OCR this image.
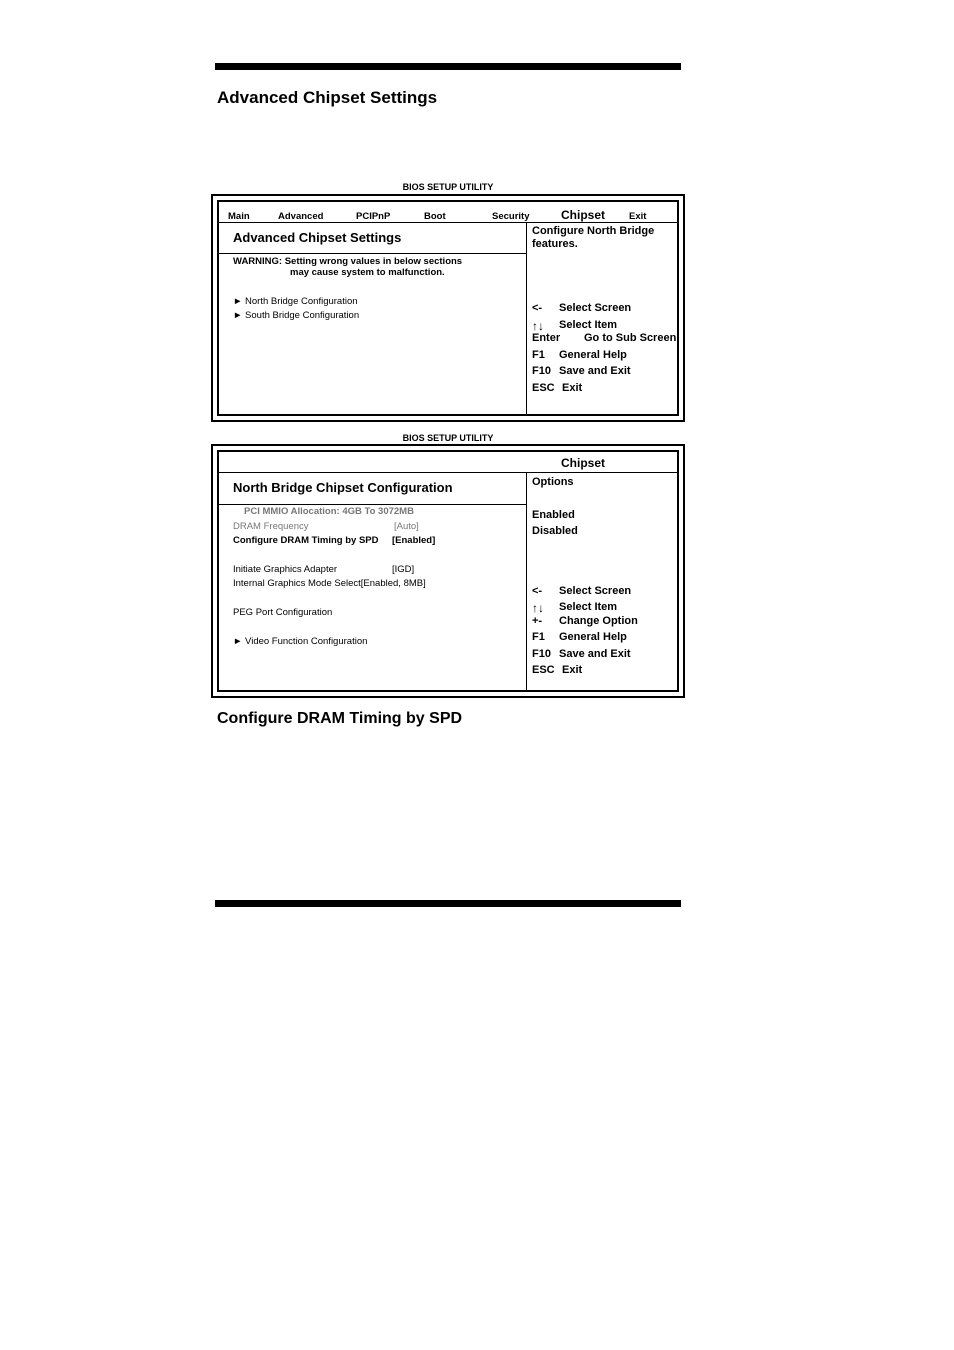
Advanced Chipset Settings
BIOS SETUP UTILITY
Main	Advanced	PCIPnP	Boot	Security	Chipset	Exit
Advanced Chipset Settings
WARNING: Setting wrong values in below sections
may cause system to malfunction.
► North Bridge Configuration
► South Bridge Configuration
Configure North Bridge
features.
<- Select Screen
↑↓ Select Item
Enter Go to Sub Screen
F1 General Help
F10 Save and Exit
ESC Exit
BIOS SETUP UTILITY
Chipset
North Bridge Chipset Configuration
PCI MMIO Allocation: 4GB To 3072MB
DRAM Frequency	[Auto]
Configure DRAM Timing by SPD [Enabled]
Initiate Graphics Adapter	[IGD]
Internal Graphics Mode Select[Enabled, 8MB]
PEG Port Configuration
► Video Function Configuration
Options
Enabled
Disabled
<- Select Screen
↑↓ Select Item
+- Change Option
F1 General Help
F10 Save and Exit
ESC Exit
Configure DRAM Timing by SPD
